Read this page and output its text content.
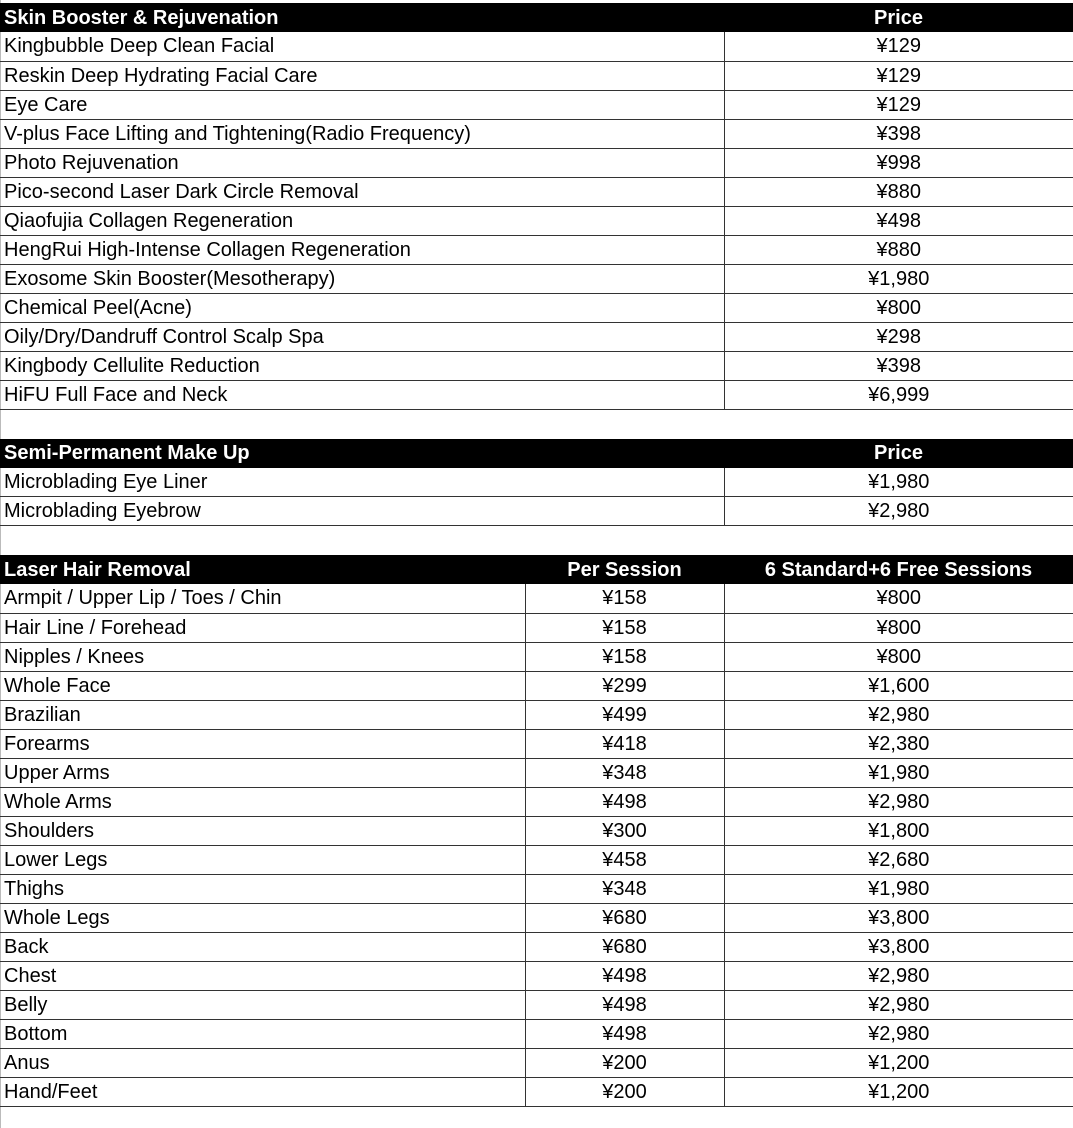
Skin Booster & Rejuvenation	Price
Kingbubble Deep Clean Facial	¥129
Reskin Deep Hydrating Facial Care	¥129
Eye Care	¥129
V-plus Face Lifting and Tightening(Radio Frequency)	¥398
Photo Rejuvenation	¥998
Pico-second Laser Dark Circle Removal	¥880
Qiaofujia Collagen Regeneration	¥498
HengRui High-Intense Collagen Regeneration	¥880
Exosome Skin Booster(Mesotherapy)	¥1,980
Chemical Peel(Acne)	¥800
Oily/Dry/Dandruff Control Scalp Spa	¥298
Kingbody Cellulite Reduction	¥398
HiFU Full Face and Neck	¥6,999
Semi-Permanent Make Up	Price
Microblading Eye Liner	¥1,980
Microblading Eyebrow	¥2,980
Laser Hair Removal	Per Session	6 Standard+6 Free Sessions
Armpit / Upper Lip / Toes / Chin	¥158	¥800
Hair Line / Forehead	¥158	¥800
Nipples / Knees	¥158	¥800
Whole Face	¥299	¥1,600
Brazilian	¥499	¥2,980
Forearms	¥418	¥2,380
Upper Arms	¥348	¥1,980
Whole Arms	¥498	¥2,980
Shoulders	¥300	¥1,800
Lower Legs	¥458	¥2,680
Thighs	¥348	¥1,980
Whole Legs	¥680	¥3,800
Back	¥680	¥3,800
Chest	¥498	¥2,980
Belly	¥498	¥2,980
Bottom	¥498	¥2,980
Anus	¥200	¥1,200
Hand/Feet	¥200	¥1,200
